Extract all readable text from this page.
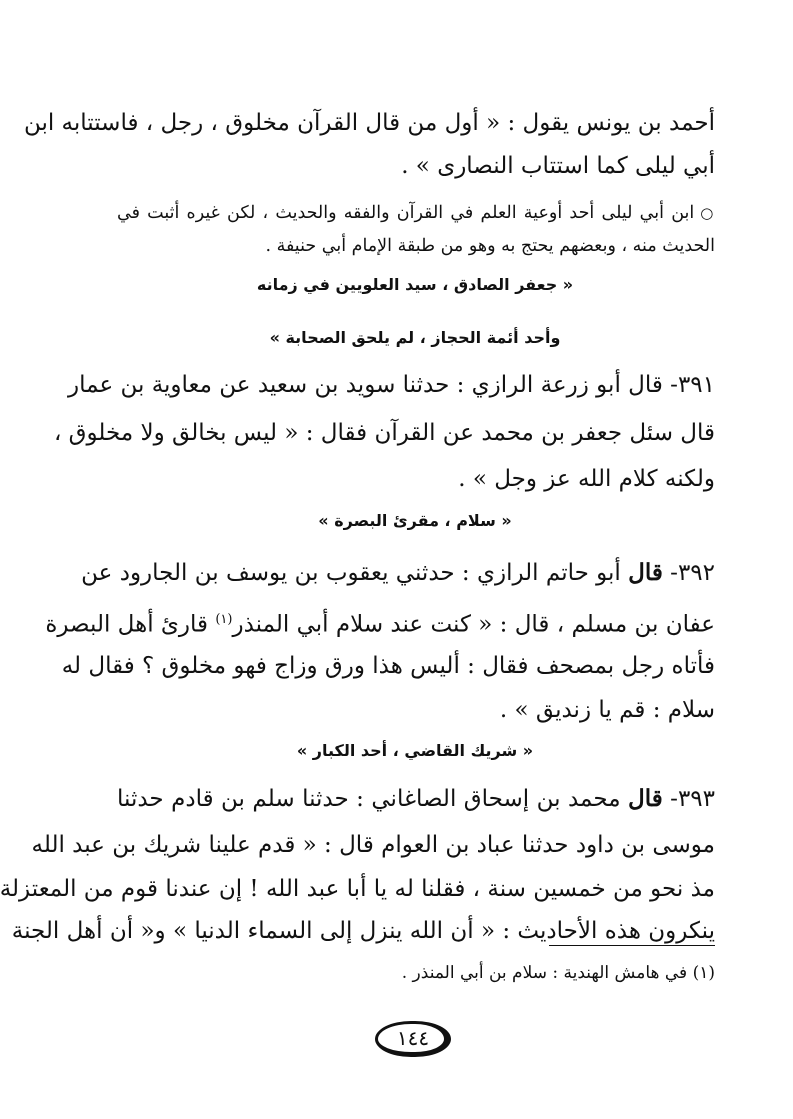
أحمد بن يونس يقول : « أول من قال القرآن مخلوق ، رجل ، فاستتابه ابن
أبي ليلى كما استتاب النصارى » .
○ابن أبي ليلى أحد أوعية العلم في القرآن والفقه والحديث ، لكن غيره أثبت في
الحديث منه ، وبعضهم يحتج به وهو من طبقة الإمام أبي حنيفة .
« جعفر الصادق ، سيد العلويين في زمانه
وأحد أئمة الحجاز ، لم يلحق الصحابة »
٣٩١- قال أبو زرعة الرازي : حدثنا سويد بن سعيد عن معاوية بن عمار
قال سئل جعفر بن محمد عن القرآن فقال : « ليس بخالق ولا مخلوق ،
ولكنه كلام الله عز وجل » .
« سلام ، مقرئ البصرة »
٣٩٢- قال أبو حاتم الرازي : حدثني يعقوب بن يوسف بن الجارود عن
عفان بن مسلم ، قال : « كنت عند سلام أبي المنذر$^{(١)}$ قارئ أهل البصرة
فأتاه رجل بمصحف فقال : أليس هذا ورق وزاج فهو مخلوق ؟ فقال له
سلام : قم يا زنديق » .
« شريك القاضي ، أحد الكبار »
٣٩٣- قال محمد بن إسحاق الصاغاني : حدثنا سلم بن قادم حدثنا
موسى بن داود حدثنا عباد بن العوام قال : « قدم علينا شريك بن عبد الله
مذ نحو من خمسين سنة ، فقلنا له يا أبا عبد الله ! إن عندنا قوم من المعتزلة
ينكرون هذه الأحاديث : « أن الله ينزل إلى السماء الدنيا » و« أن أهل الجنة
(١) في هامش الهندية : سلام بن أبي المنذر .
١٤٤
